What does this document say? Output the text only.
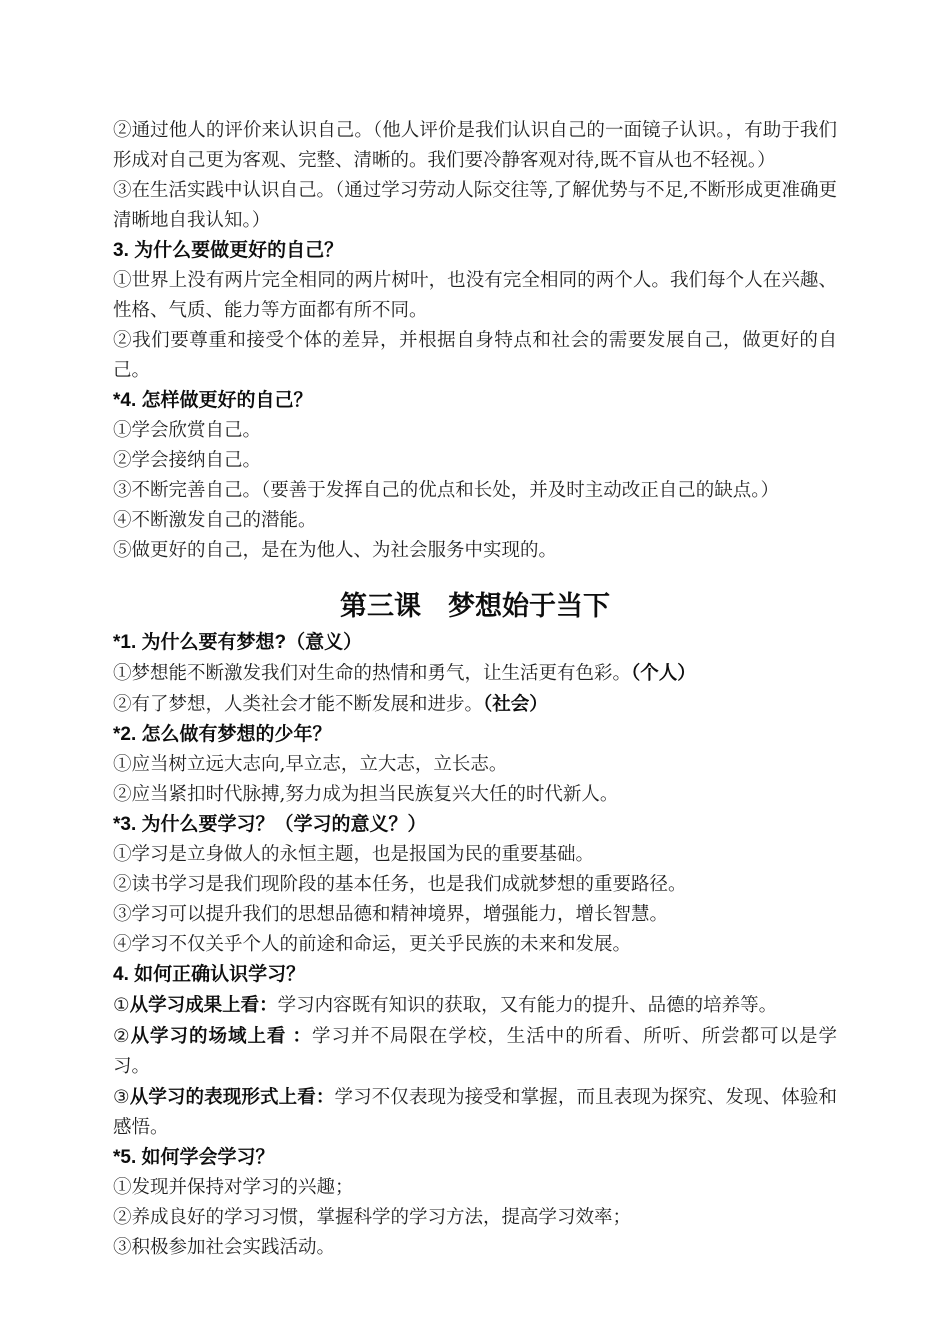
②通过他人的评价来认识自己。（他人评价是我们认识自己的一面镜子认识。，有助于我们形成对自己更为客观、完整、清晰的。我们要冷静客观对待,既不盲从也不轻视。）

③在生活实践中认识自己。（通过学习劳动人际交往等,了解优势与不足,不断形成更准确更清晰地自我认知。）

3. 为什么要做更好的自己？

①世界上没有两片完全相同的两片树叶，也没有完全相同的两个人。我们每个人在兴趣、性格、气质、能力等方面都有所不同。

②我们要尊重和接受个体的差异，并根据自身特点和社会的需要发展自己，做更好的自己。

*4. 怎样做更好的自己？

①学会欣赏自己。

②学会接纳自己。

③不断完善自己。（要善于发挥自己的优点和长处，并及时主动改正自己的缺点。）

④不断激发自己的潜能。

⑤做更好的自己，是在为他人、为社会服务中实现的。

第三课　梦想始于当下

*1. 为什么要有梦想?（意义）

①梦想能不断激发我们对生命的热情和勇气，让生活更有色彩。（个人）

②有了梦想，人类社会才能不断发展和进步。（社会）

*2. 怎么做有梦想的少年？

①应当树立远大志向,早立志，立大志，立长志。

②应当紧扣时代脉搏,努力成为担当民族复兴大任的时代新人。

*3. 为什么要学习？（学习的意义？）

①学习是立身做人的永恒主题，也是报国为民的重要基础。

②读书学习是我们现阶段的基本任务，也是我们成就梦想的重要路径。

③学习可以提升我们的思想品德和精神境界，增强能力，增长智慧。

④学习不仅关乎个人的前途和命运，更关乎民族的未来和发展。

4. 如何正确认识学习？

①从学习成果上看：学习内容既有知识的获取，又有能力的提升、品德的培养等。

②从学习的场域上看 ：学习并不局限在学校，生活中的所看、所听、所尝都可以是学习。

③从学习的表现形式上看：学习不仅表现为接受和掌握，而且表现为探究、发现、体验和感悟。

*5. 如何学会学习？

①发现并保持对学习的兴趣；

②养成良好的学习习惯，掌握科学的学习方法，提高学习效率；

③积极参加社会实践活动。
